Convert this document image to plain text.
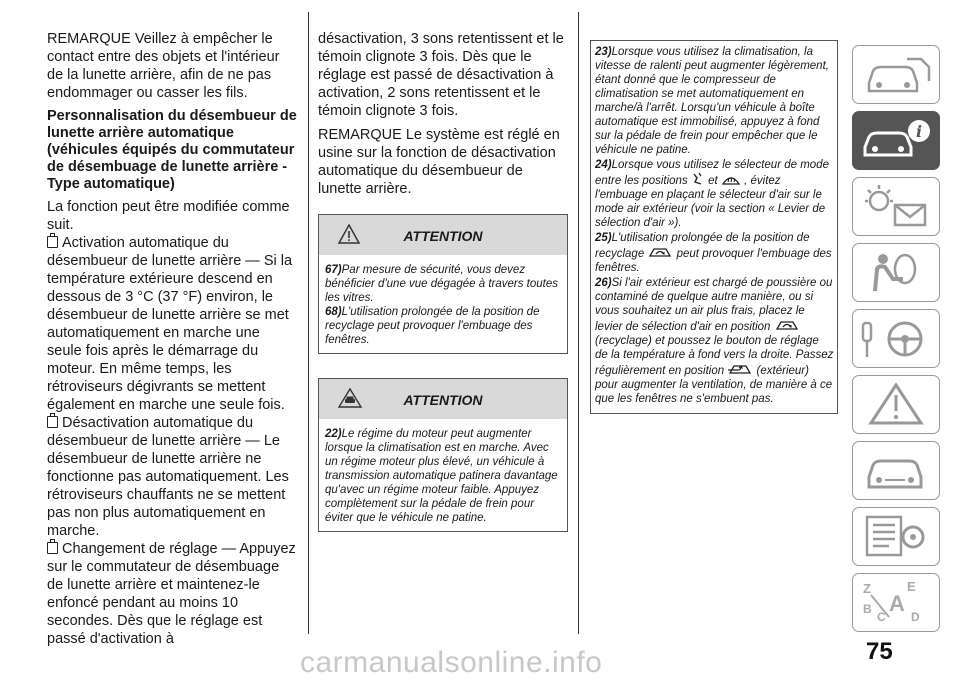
REMARQUE Veillez à empêcher le contact entre des objets et l'intérieur de la lunette arrière, afin de ne pas endommager ou casser les fils.

Personnalisation du désembueur de lunette arrière automatique (véhicules équipés du commutateur de désembuage de lunette arrière - Type automatique)

La fonction peut être modifiée comme suit.

Activation automatique du désembueur de lunette arrière — Si la température extérieure descend en dessous de 3 °C (37 °F) environ, le désembueur de lunette arrière se met automatiquement en marche une seule fois après le démarrage du moteur. En même temps, les rétroviseurs dégivrants se mettent également en marche une seule fois.

Désactivation automatique du désembueur de lunette arrière — Le désembueur de lunette arrière ne fonctionne pas automatiquement. Les rétroviseurs chauffants ne se mettent pas non plus automatiquement en marche.

Changement de réglage — Appuyez sur le commutateur de désembuage de lunette arrière et maintenez-le enfoncé pendant au moins 10 secondes. Dès que le réglage est passé d'activation à

désactivation, 3 sons retentissent et le témoin clignote 3 fois. Dès que le réglage est passé de désactivation à activation, 2 sons retentissent et le témoin clignote 3 fois.

REMARQUE Le système est réglé en usine sur la fonction de désactivation automatique du désembueur de lunette arrière.

ATTENTION
67)Par mesure de sécurité, vous devez bénéficier d'une vue dégagée à travers toutes les vitres.
68)L'utilisation prolongée de la position de recyclage peut provoquer l'embuage des fenêtres.
ATTENTION
22)Le régime du moteur peut augmenter lorsque la climatisation est en marche. Avec un régime moteur plus élevé, un véhicule à transmission automatique patinera davantage qu'avec un régime moteur faible. Appuyez complètement sur la pédale de frein pour éviter que le véhicule ne patine.

23)Lorsque vous utilisez la climatisation, la vitesse de ralenti peut augmenter légèrement, étant donné que le compresseur de climatisation se met automatiquement en marche/à l'arrêt. Lorsqu'un véhicule à boîte automatique est immobilisé, appuyez à fond sur la pédale de frein pour empêcher que le véhicule ne patine.

24)Lorsque vous utilisez le sélecteur de mode entre les positions et , évitez l'embuage en plaçant le sélecteur d'air sur le mode air extérieur (voir la section « Levier de sélection d'air »).

25)L'utilisation prolongée de la position de recyclage	peut provoquer l'embuage des fenêtres.

26)Si l'air extérieur est chargé de poussière ou contaminé de quelque autre manière, ou si vous souhaitez un air plus frais, placez le levier de sélection d'air en position  (recyclage) et poussez le bouton de réglage de la température à fond vers la droite. Passez régulièrement en position	(extérieur) pour augmenter la ventilation, de manière à ce que les fenêtres ne s'embuent pas.

i
Z	E
B
C D
A
75
carmanualsonline.info
